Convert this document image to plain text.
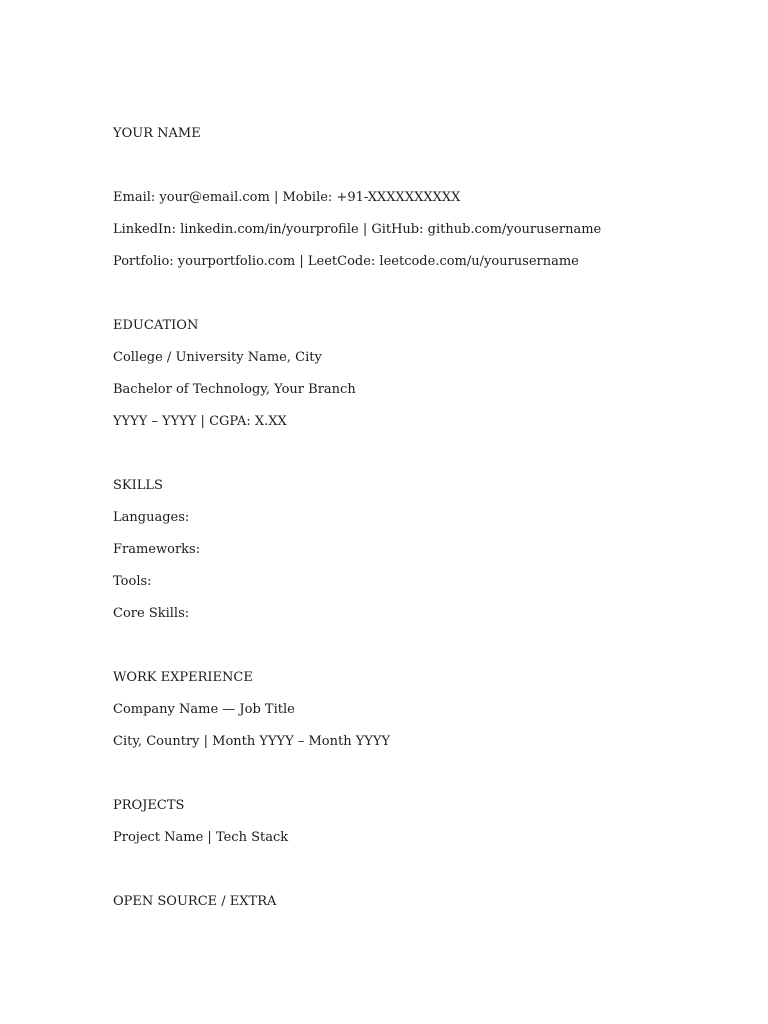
YOUR NAME
Email: your@email.com | Mobile: +91-XXXXXXXXXX
LinkedIn: linkedin.com/in/yourprofile | GitHub: github.com/yourusername
Portfolio: yourportfolio.com | LeetCode: leetcode.com/u/yourusername
EDUCATION
College / University Name, City
Bachelor of Technology, Your Branch
YYYY – YYYY | CGPA: X.XX
SKILLS
Languages:
Frameworks:
Tools:
Core Skills:
WORK EXPERIENCE
Company Name — Job Title
City, Country | Month YYYY – Month YYYY
PROJECTS
Project Name | Tech Stack
OPEN SOURCE / EXTRA
